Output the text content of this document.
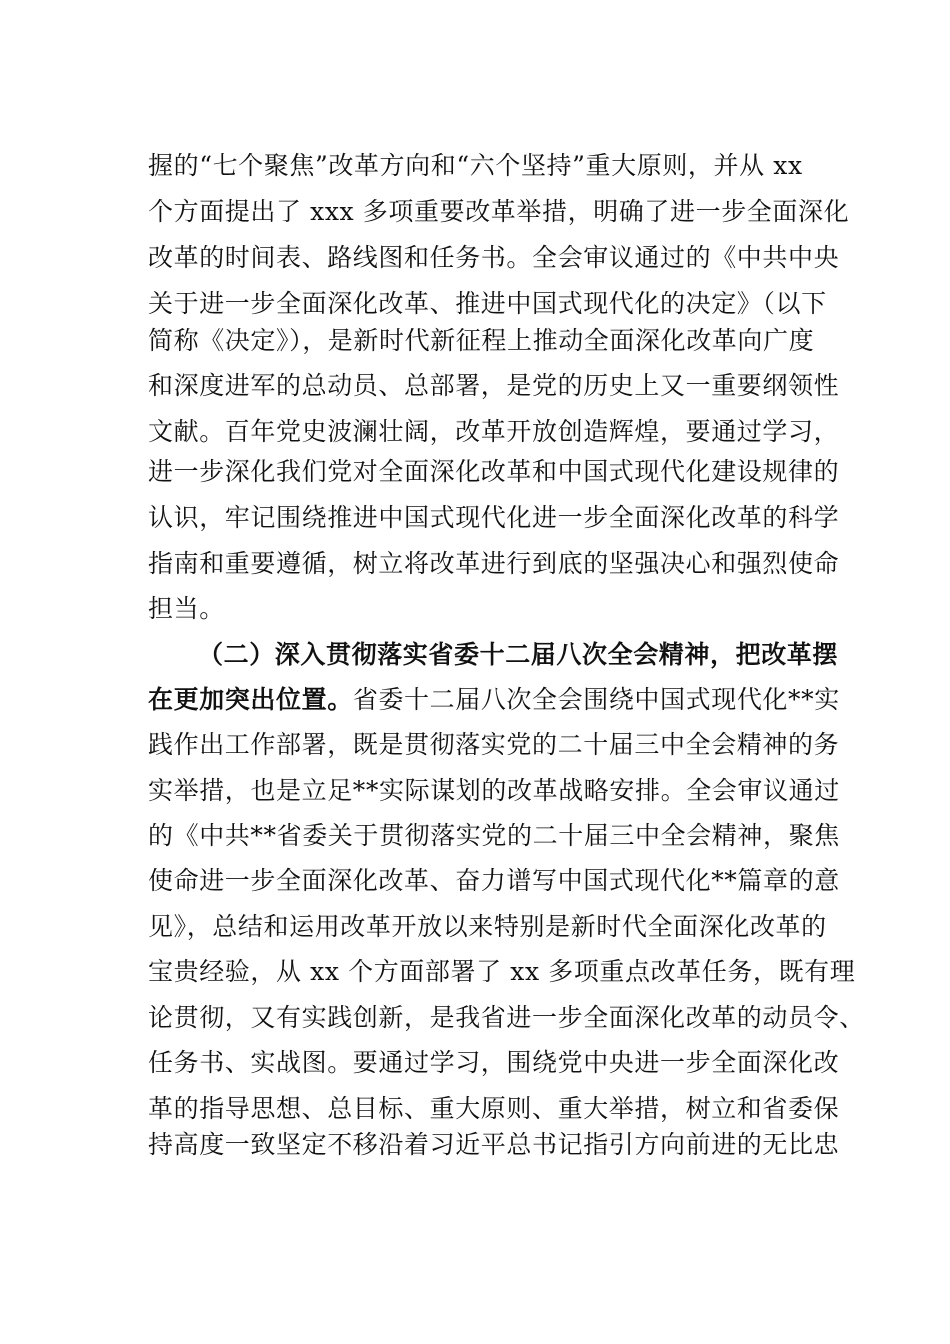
握的“七个聚焦”改革方向和“六个坚持”重大原则，并从 xx
个方面提出了 xxx 多项重要改革举措，明确了进一步全面深化
改革的时间表、路线图和任务书。全会审议通过的《中共中央
关于进一步全面深化改革、推进中国式现代化的决定》（以下
简称《决定》），是新时代新征程上推动全面深化改革向广度
和深度进军的总动员、总部署，是党的历史上又一重要纲领性
文献。百年党史波澜壮阔，改革开放创造辉煌，要通过学习，
进一步深化我们党对全面深化改革和中国式现代化建设规律的
认识，牢记围绕推进中国式现代化进一步全面深化改革的科学
指南和重要遵循，树立将改革进行到底的坚强决心和强烈使命
担当。
（二）深入贯彻落实省委十二届八次全会精神，把改革摆
在更加突出位置。省委十二届八次全会围绕中国式现代化**实
践作出工作部署，既是贯彻落实党的二十届三中全会精神的务
实举措，也是立足**实际谋划的改革战略安排。全会审议通过
的《中共**省委关于贯彻落实党的二十届三中全会精神，聚焦
使命进一步全面深化改革、奋力谱写中国式现代化**篇章的意
见》，总结和运用改革开放以来特别是新时代全面深化改革的
宝贵经验，从 xx 个方面部署了 xx 多项重点改革任务，既有理
论贯彻，又有实践创新，是我省进一步全面深化改革的动员令、
任务书、实战图。要通过学习，围绕党中央进一步全面深化改
革的指导思想、总目标、重大原则、重大举措，树立和省委保
持高度一致坚定不移沿着习近平总书记指引方向前进的无比忠
